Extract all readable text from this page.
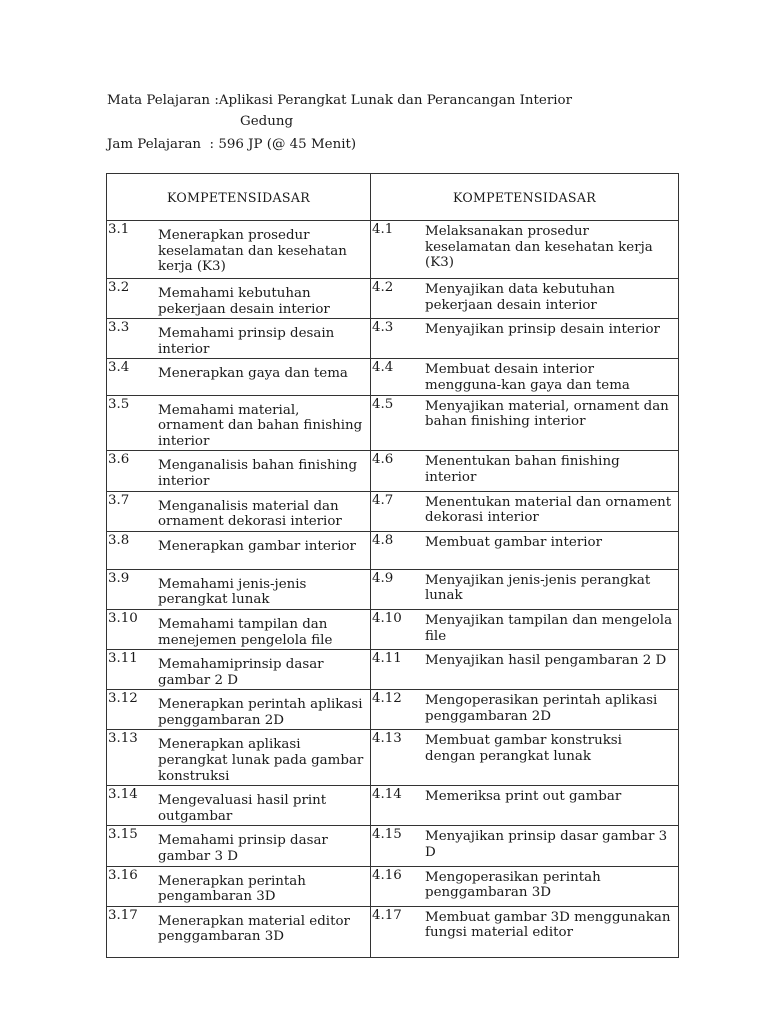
Mata Pelajaran :Aplikasi Perangkat Lunak dan Perancangan Interior
Gedung
Jam Pelajaran  : 596 JP (@ 45 Menit)
KOMPETENSIDASAR	KOMPETENSIDASAR

3.1 Menerapkan prosedur keselamatan dan kesehatan kerja (K3)	4.1 Melaksanakan prosedur keselamatan dan kesehatan kerja (K3)

3.2 Memahami kebutuhan pekerjaan desain interior	4.2 Menyajikan data kebutuhan pekerjaan desain interior

3.3 Memahami prinsip desain interior	4.3 Menyajikan prinsip desain interior

3.4 Menerapkan gaya dan tema	4.4 Membuat desain interior mengguna-kan gaya dan tema

3.5 Memahami material, ornament dan bahan finishing interior	4.5 Menyajikan material, ornament dan bahan finishing interior

3.6 Menganalisis bahan finishing interior	4.6 Menentukan bahan finishing interior

3.7 Menganalisis material dan ornament dekorasi interior	4.7 Menentukan material dan ornament dekorasi interior

3.8 Menerapkan gambar interior	4.8 Membuat gambar interior

3.9 Memahami jenis-jenis perangkat lunak	4.9 Menyajikan jenis-jenis perangkat lunak

3.10 Memahami tampilan dan menejemen pengelola file	4.10 Menyajikan tampilan dan mengelola file

3.11 Memahamiprinsip dasar gambar 2 D	4.11 Menyajikan hasil pengambaran 2 D

3.12 Menerapkan perintah aplikasi penggambaran 2D	4.12 Mengoperasikan perintah aplikasi penggambaran 2D

3.13 Menerapkan aplikasi perangkat lunak pada gambar konstruksi	4.13 Membuat gambar konstruksi dengan perangkat lunak

3.14 Mengevaluasi hasil print outgambar	4.14 Memeriksa print out gambar

3.15 Memahami prinsip dasar gambar 3 D	4.15 Menyajikan prinsip dasar gambar 3 D

3.16 Menerapkan perintah pengambaran 3D	4.16 Mengoperasikan perintah penggambaran 3D

3.17 Menerapkan material editor penggambaran 3D	4.17 Membuat gambar 3D menggunakan fungsi material editor
